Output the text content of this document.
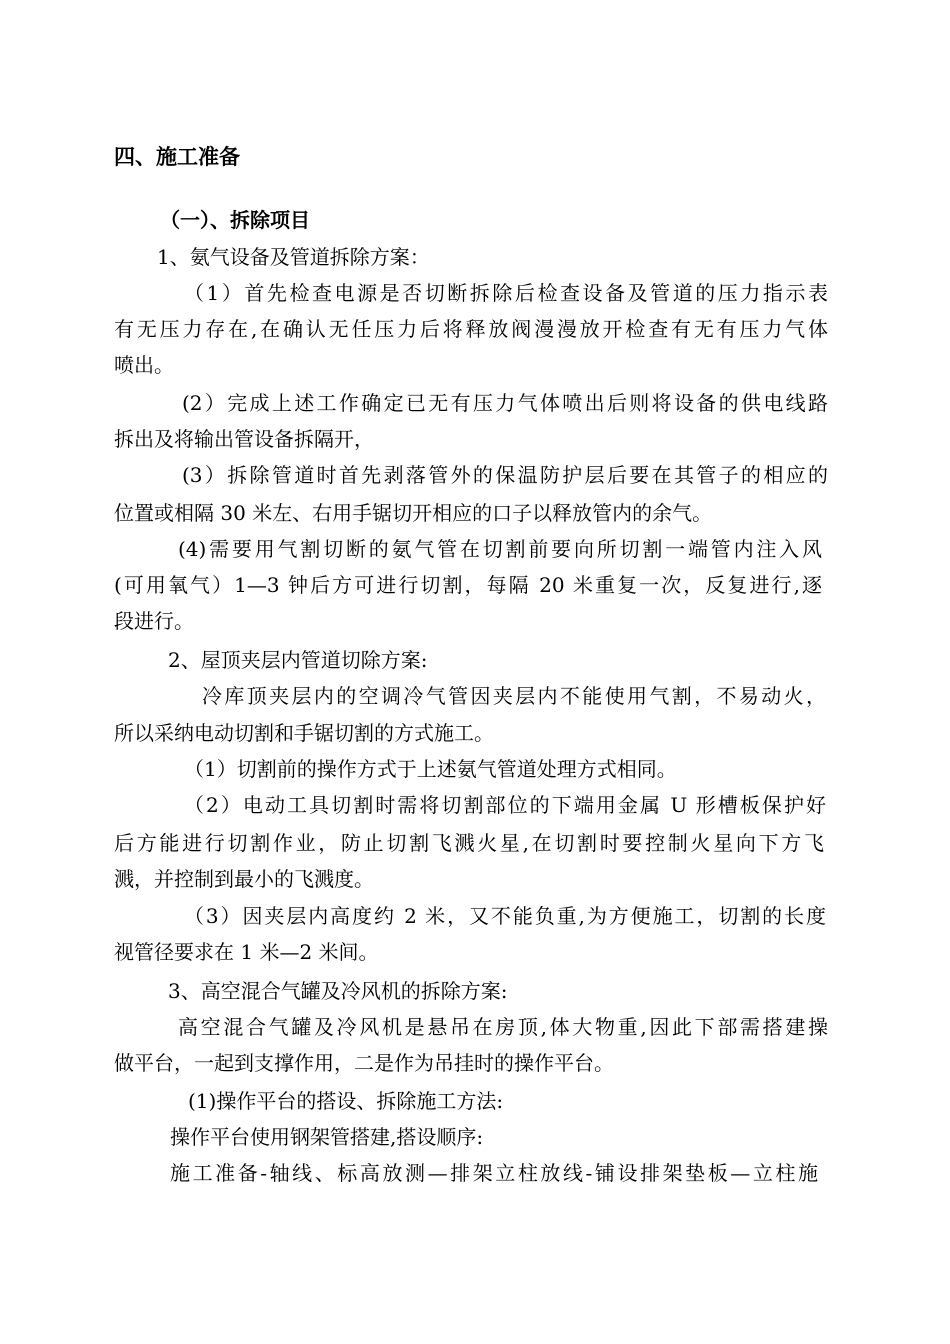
四、施工准备
（一）、拆除项目
1、氨气设备及管道拆除方案：
（1）首先检查电源是否切断拆除后检查设备及管道的压力指示表
有无压力存在,在确认无任压力后将释放阀漫漫放开检查有无有压力气体
喷出。
(2）完成上述工作确定已无有压力气体喷出后则将设备的供电线路
拆出及将输出管设备拆隔开，
(3）拆除管道时首先剥落管外的保温防护层后要在其管子的相应的
位置或相隔 30 米左、右用手锯切开相应的口子以释放管内的余气。
(4)需要用气割切断的氨气管在切割前要向所切割一端管内注入风
(可用氧气）1—3 钟后方可进行切割，每隔 20 米重复一次，反复进行,逐
段进行。
2、屋顶夹层内管道切除方案:
冷库顶夹层内的空调冷气管因夹层内不能使用气割，不易动火，
所以采纳电动切割和手锯切割的方式施工。
（1）切割前的操作方式于上述氨气管道处理方式相同。
（2）电动工具切割时需将切割部位的下端用金属 U 形槽板保护好
后方能进行切割作业，防止切割飞溅火星,在切割时要控制火星向下方飞
溅，并控制到最小的飞溅度。
（3）因夹层内高度约 2 米，又不能负重,为方便施工，切割的长度
视管径要求在 1 米—2 米间。
3、高空混合气罐及冷风机的拆除方案:
高空混合气罐及冷风机是悬吊在房顶,体大物重,因此下部需搭建操
做平台，一起到支撑作用，二是作为吊挂时的操作平台。
(1)操作平台的搭设、拆除施工方法:
操作平台使用钢架管搭建,搭设顺序:
施工准备-轴线、标高放测—排架立柱放线-铺设排架垫板—立柱施
